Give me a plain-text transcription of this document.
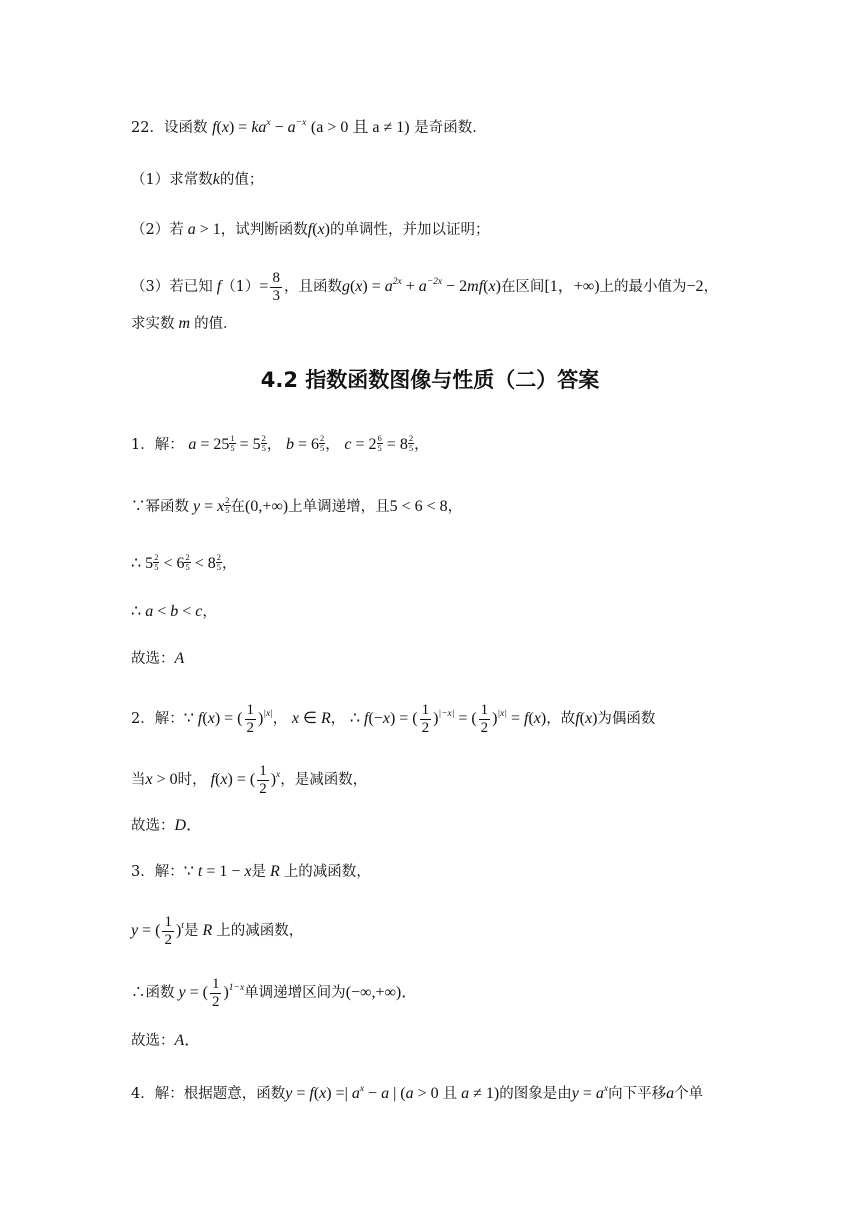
22．设函数 $f(x) = ka^x - a^{-x}$ (a > 0 且 a ≠ 1) 是奇函数．
（1）求常数k的值；
（2）若 a > 1，试判断函数f(x)的单调性，并加以证明；
（3）若已知 $f(1)= \frac{8}{3}$ ，且函数$g(x) = a^{2x} + a^{-2x} - 2mf(x)$在区间[1，+∞)上的最小值为−2，
求实数 m 的值．
4.2 指数函数图像与性质（二）答案
1．解： $a = 25 \frac{1}{5} = 5 \frac{2}{5}$ ， $b = 6 \frac{2}{5}$ ， $c = 2 \frac{6}{5} = 8 \frac{2}{5}$ ，
∵幂函数 y = x $\frac{2}{5}$ 在(0,+∞)上单调递增，且5 < 6 < 8，
∴ $5 \frac{2}{5} < 6 \frac{2}{5} < 8 \frac{2}{5}$ ，
∴ a < b < c，
故选：A
2．解：∵ f(x) = ( $\frac{1}{2} )^{|x|}$， x ∈ R， ∴ f(−x) = ( $\frac{1}{2} )^{|-x|}$ = ( $\frac{1}{2} )^{|x|} = f(x)$，故f(x)为偶函数
当x > 0时， f(x) = ( $\frac{1}{2} )^x$，是减函数，
故选：D．
3．解：∵ t = 1 − x是 R 上的减函数，
y = ( $\frac{1}{2} )^t$是 R 上的减函数，
∴函数 y = ( $\frac{1}{2} )^{1-x}$单调递增区间为(−∞,+∞)．
故选：A．
4．解：根据题意，函数y = f(x) =| $a^x - a$ | (a > 0 且 a ≠ 1)的图象是由$y = a^x$向下平移a个单
